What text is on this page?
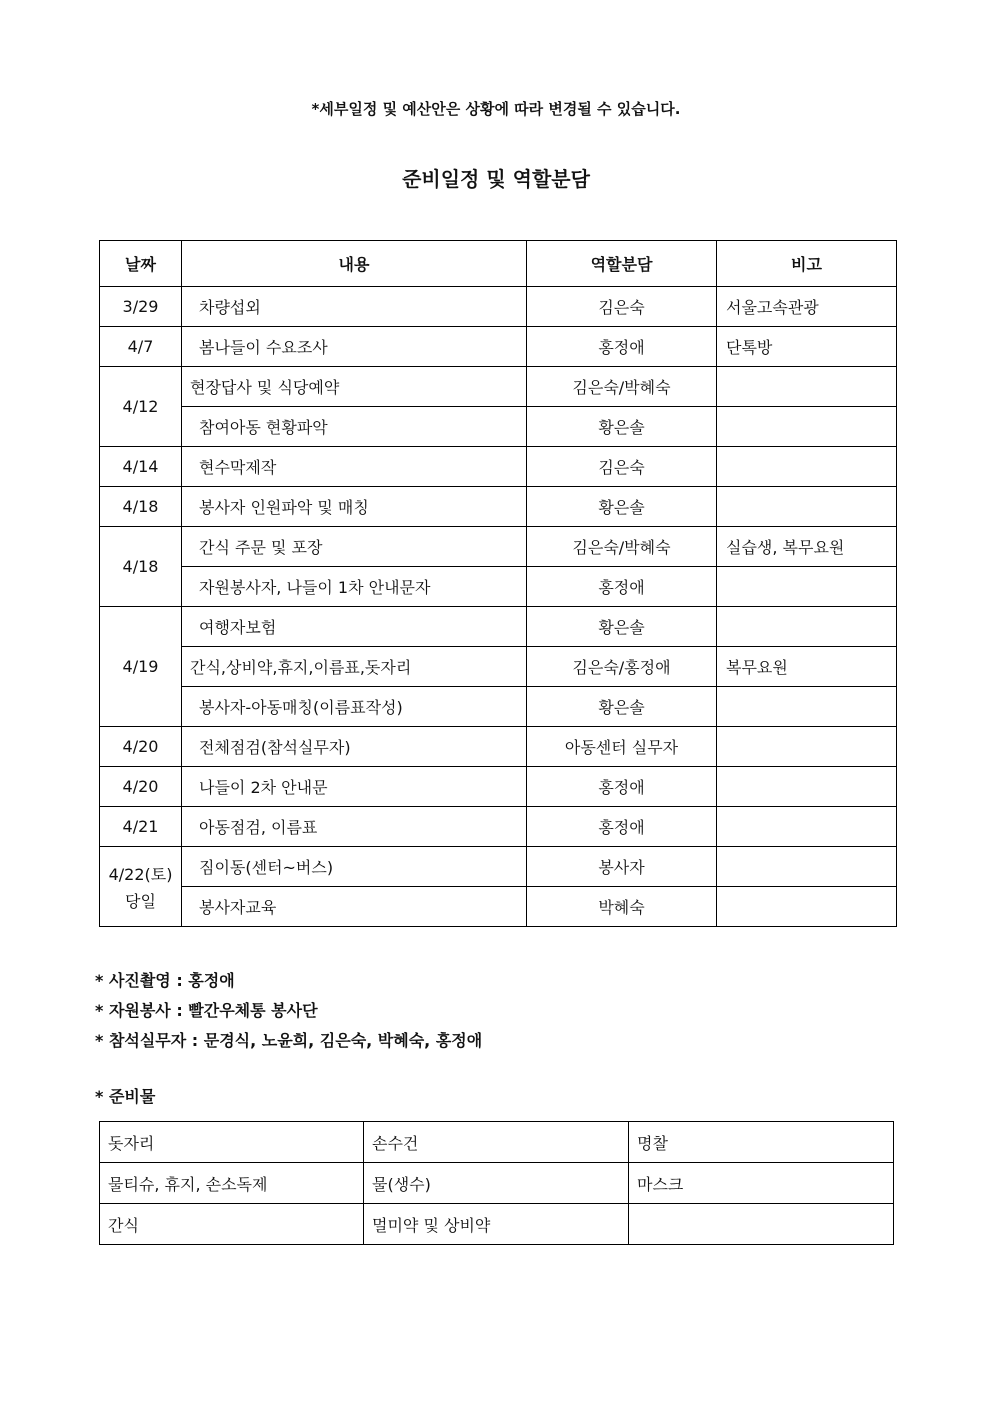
*세부일정 및 예산안은 상황에 따라 변경될 수 있습니다.
준비일정 및 역할분담
날짜	내용	역할분담	비고
3/29	차량섭외	김은숙	서울고속관광
4/7	봄나들이 수요조사	홍정애	단톡방
4/12	현장답사 및 식당예약	김은숙/박혜숙	
	참여아동 현황파악	황은솔	
4/14	현수막제작	김은숙	
4/18	봉사자 인원파악 및 매칭	황은솔	
4/18	간식 주문 및 포장	김은숙/박혜숙	실습생, 복무요원
	자원봉사자, 나들이 1차 안내문자	홍정애	
4/19	여행자보험	황은솔	
	간식,상비약,휴지,이름표,돗자리	김은숙/홍정애	복무요원
	봉사자-아동매칭(이름표작성)	황은솔	
4/20	전체점검(참석실무자)	아동센터 실무자	
4/20	나들이 2차 안내문	홍정애	
4/21	아동점검, 이름표	홍정애	

4/22(토)
당일	짐이동(센터~버스)	봉사자	
	봉사자교육	박혜숙	
* 사진촬영 : 홍정애
* 자원봉사 : 빨간우체통 봉사단
* 참석실무자 : 문경식, 노윤희, 김은숙, 박혜숙, 홍정애
* 준비물
돗자리	손수건	명찰
물티슈, 휴지, 손소독제	물(생수)	마스크
간식	멀미약 및 상비약	
